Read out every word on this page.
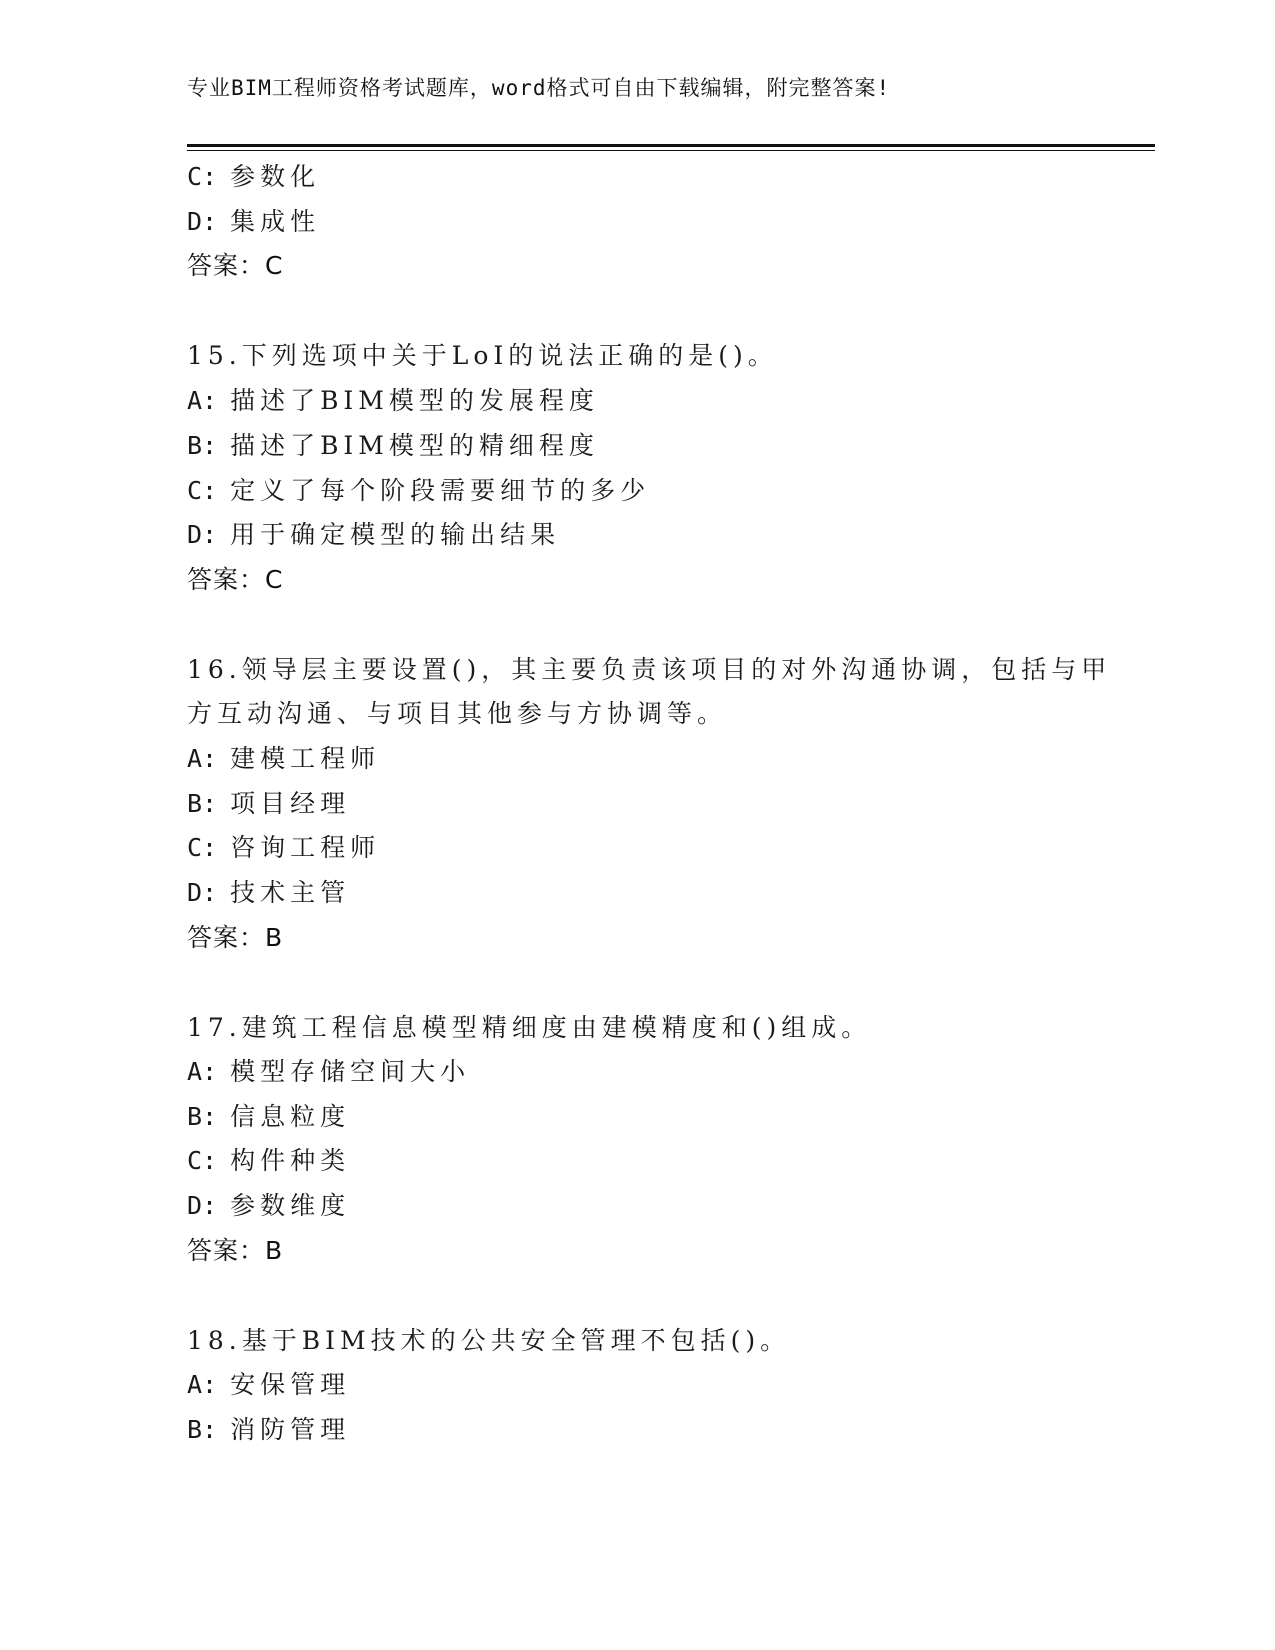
专业BIM工程师资格考试题库，word格式可自由下载编辑，附完整答案!
C: 参数化
D: 集成性
答案：C
15.下列选项中关于LoI的说法正确的是()。
A: 描述了BIM模型的发展程度
B: 描述了BIM模型的精细程度
C: 定义了每个阶段需要细节的多少
D: 用于确定模型的输出结果
答案：C
16.领导层主要设置()，其主要负责该项目的对外沟通协调，包括与甲
方互动沟通、与项目其他参与方协调等。
A: 建模工程师
B: 项目经理
C: 咨询工程师
D: 技术主管
答案：B
17.建筑工程信息模型精细度由建模精度和()组成。
A: 模型存储空间大小
B: 信息粒度
C: 构件种类
D: 参数维度
答案：B
18.基于BIM技术的公共安全管理不包括()。
A: 安保管理
B: 消防管理
